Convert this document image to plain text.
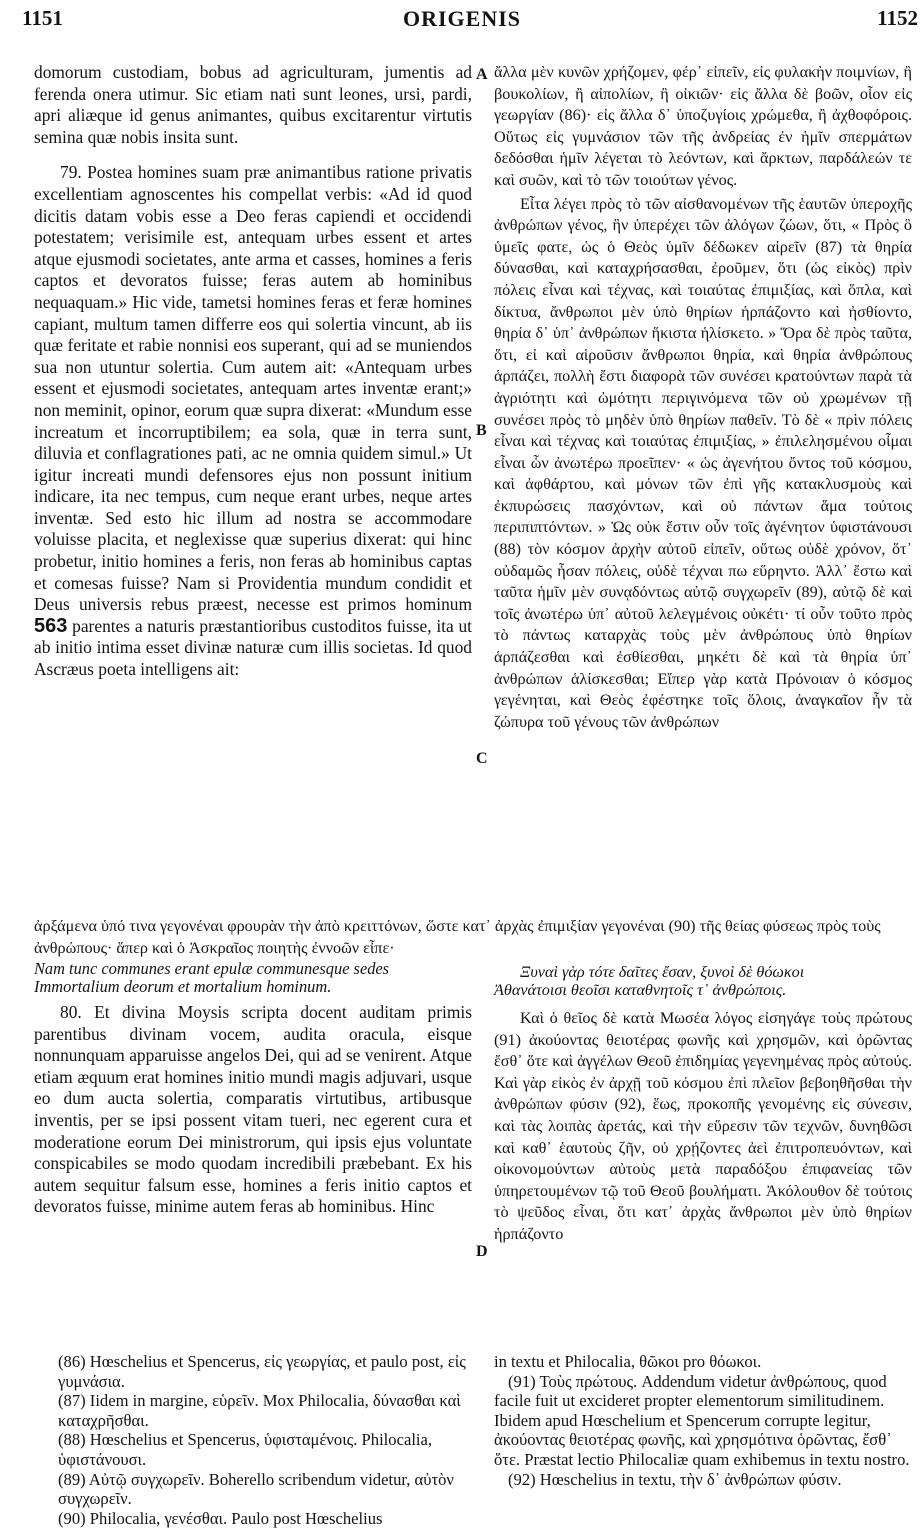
1151	ORIGENIS	1152
A
B
C
D

domorum custodiam, bobus ad agriculturam, jumentis ad ferenda onera utimur. Sic etiam nati sunt leones, ursi, pardi, apri aliæque id genus animantes, quibus excitarentur virtutis semina quæ nobis insita sunt.

79. Postea homines suam præ animantibus ratione privatis excellentiam agnoscentes his compellat verbis: «Ad id quod dicitis datam vobis esse a Deo feras capiendi et occidendi potestatem; verisimile est, antequam urbes essent et artes atque ejusmodi societates, ante arma et casses, homines a feris captos et devoratos fuisse; feras autem ab hominibus nequaquam.» Hic vide, tametsi homines feras et feræ homines capiant, multum tamen differre eos qui solertia vincunt, ab iis quæ feritate et rabie nonnisi eos superant, qui ad se muniendos sua non utuntur solertia. Cum autem ait: «Antequam urbes essent et ejusmodi societates, antequam artes inventæ erant;» non meminit, opinor, eorum quæ supra dixerat: «Mundum esse increatum et incorruptibilem; ea sola, quæ in terra sunt, diluvia et conflagrationes pati, ac ne omnia quidem simul.» Ut igitur increati mundi defensores ejus non possunt initium indicare, ita nec tempus, cum neque erant urbes, neque artes inventæ. Sed esto hic illum ad nostra se accommodare voluisse placita, et neglexisse quæ superius dixerat: qui hinc probetur, initio homines a feris, non feras ab hominibus captas et comesas fuisse? Nam si Providentia mundum condidit et Deus universis rebus præest, necesse est primos hominum 563 parentes a naturis præstantioribus custoditos fuisse, ita ut ab initio intima esset divinæ naturæ cum illis societas. Id quod Ascræus poeta intelligens ait:

ἄλλα μὲν κυνῶν χρήζομεν, φέρ᾽ εἰπεῖν, εἰς φυλακὴν ποιμνίων, ἢ βουκολίων, ἢ αἰπολίων, ἢ οἰκιῶν· εἰς ἄλλα δὲ βοῶν, οἷον εἰς γεωργίαν (86)· εἰς ἄλλα δ᾽ ὑποζυγίοις χρώμεθα, ἢ ἀχθοφόροις. Οὕτως εἰς γυμνάσιον τῶν τῆς ἀνδρείας ἐν ἡμῖν σπερμάτων δεδόσθαι ἡμῖν λέγεται τὸ λεόντων, καὶ ἄρκτων, παρδάλεών τε καὶ συῶν, καὶ τὸ τῶν τοιούτων γένος.

Εἶτα λέγει πρὸς τὸ τῶν αἰσθανομένων τῆς ἑαυτῶν ὑπεροχῆς ἀνθρώπων γένος, ἣν ὑπερέχει τῶν ἀλόγων ζώων, ὅτι, « Πρὸς ὃ ὑμεῖς φατε, ὡς ὁ Θεὸς ὑμῖν δέδωκεν αἱρεῖν (87) τὰ θηρία δύνασθαι, καὶ καταχρήσασθαι, ἐροῦμεν, ὅτι (ὡς εἰκὸς) πρὶν πόλεις εἶναι καὶ τέχνας, καὶ τοιαύτας ἐπιμιξίας, καὶ ὅπλα, καὶ δίκτυα, ἄνθρωποι μὲν ὑπὸ θηρίων ἡρπάζοντο καὶ ἠσθίοντο, θηρία δ᾽ ὑπ᾽ ἀνθρώπων ἥκιστα ἡλίσκετο. » Ὅρα δὲ πρὸς ταῦτα, ὅτι, εἰ καὶ αἱροῦσιν ἄνθρωποι θηρία, καὶ θηρία ἀνθρώπους ἁρπάζει, πολλὴ ἔστι διαφορὰ τῶν συνέσει κρατούντων παρὰ τὰ ἀγριότητι καὶ ὠμότητι περιγινόμενα τῶν οὐ χρωμένων τῇ συνέσει πρὸς τὸ μηδὲν ὑπὸ θηρίων παθεῖν. Τὸ δὲ « πρὶν πόλεις εἶναι καὶ τέχνας καὶ τοιαύτας ἐπιμιξίας, » ἐπιλελησμένου οἶμαι εἶναι ὧν ἀνωτέρω προεῖπεν· « ὡς ἀγενήτου ὄντος τοῦ κόσμου, καὶ ἀφθάρτου, καὶ μόνων τῶν ἐπὶ γῆς κατακλυσμοὺς καὶ ἐκπυρώσεις πασχόντων, καὶ οὐ πάντων ἅμα τούτοις περιπιπτόντων. » Ὡς οὐκ ἔστιν οὖν τοῖς ἀγένητον ὑφιστάνουσι (88) τὸν κόσμον ἀρχὴν αὐτοῦ εἰπεῖν, οὕτως οὐδὲ χρόνον, ὅτ᾽ οὐδαμῶς ἦσαν πόλεις, οὐδὲ τέχναι πω εὕρηντο. Ἀλλ᾽ ἔστω καὶ ταῦτα ἡμῖν μὲν συνᾳδόντως αὐτῷ συγχωρεῖν (89), αὐτῷ δὲ καὶ τοῖς ἀνωτέρω ὑπ᾽ αὐτοῦ λελεγμένοις οὐκέτι· τί οὖν τοῦτο πρὸς τὸ πάντως καταρχὰς τοὺς μὲν ἀνθρώπους ὑπὸ θηρίων ἁρπάζεσθαι καὶ ἐσθίεσθαι, μηκέτι δὲ καὶ τὰ θηρία ὑπ᾽ ἀνθρώπων ἁλίσκεσθαι; Εἴπερ γὰρ κατὰ Πρόνοιαν ὁ κόσμος γεγένηται, καὶ Θεὸς ἐφέστηκε τοῖς ὅλοις, ἀναγκαῖον ἦν τὰ ζώπυρα τοῦ γένους τῶν ἀνθρώπων

ἀρξάμενα ὑπό τινα γεγονέναι φρουρὰν τὴν ἀπὸ κρειττόνων, ὥστε κατ᾽ ἀρχὰς ἐπιμιξίαν γεγονέναι (90) τῆς θείας φύσεως πρὸς τοὺς ἀνθρώπους· ἅπερ καὶ ὁ Ἀσκραῖος ποιητὴς ἐννοῶν εἶπε·

Nam tunc communes erant epulæ communesque sedes

Immortalium deorum et mortalium hominum.

Ξυναὶ γὰρ τότε δαῖτες ἔσαν, ξυνοὶ δὲ θόωκοι

Ἀθανάτοισι θεοῖσι καταθνητοῖς τ᾽ ἀνθρώποις.

80. Et divina Moysis scripta docent auditam primis parentibus divinam vocem, audita oracula, eisque nonnunquam apparuisse angelos Dei, qui ad se venirent. Atque etiam æquum erat homines initio mundi magis adjuvari, usque eo dum aucta solertia, comparatis virtutibus, artibusque inventis, per se ipsi possent vitam tueri, nec egerent cura et moderatione eorum Dei ministrorum, qui ipsis ejus voluntate conspicabiles se modo quodam incredibili præbebant. Ex his autem sequitur falsum esse, homines a feris initio captos et devoratos fuisse, minime autem feras ab hominibus. Hinc

Καὶ ὁ θεῖος δὲ κατὰ Μωσέα λόγος εἰσηγάγε τοὺς πρώτους (91) ἀκούοντας θειοτέρας φωνῆς καὶ χρησμῶν, καὶ ὁρῶντας ἔσθ᾽ ὅτε καὶ ἀγγέλων Θεοῦ ἐπιδημίας γεγενημένας πρὸς αὐτούς. Καὶ γὰρ εἰκὸς ἐν ἀρχῇ τοῦ κόσμου ἐπὶ πλεῖον βεβοηθῆσθαι τὴν ἀνθρώπων φύσιν (92), ἕως, προκοπῆς γενομένης εἰς σύνεσιν, καὶ τὰς λοιπὰς ἀρετάς, καὶ τὴν εὕρεσιν τῶν τεχνῶν, δυνηθῶσι καὶ καθ᾽ ἑαυτοὺς ζῆν, οὐ χρῄζοντες ἀεὶ ἐπιτροπευόντων, καὶ οἰκονομούντων αὐτοὺς μετὰ παραδόξου ἐπιφανείας τῶν ὑπηρετουμένων τῷ τοῦ Θεοῦ βουλήματι. Ἀκόλουθον δὲ τούτοις τὸ ψεῦδος εἶναι, ὅτι κατ᾽ ἀρχὰς ἄνθρωποι μὲν ὑπὸ θηρίων ἡρπάζοντο

(86) Hœschelius et Spencerus, εἰς γεωργίας, et paulo post, εἰς γυμνάσια.

(87) Iidem in margine, εὑρεῖν. Mox Philocalia, δύνασθαι καὶ καταχρῆσθαι.

(88) Hœschelius et Spencerus, ὑφισταμένοις. Philocalia, ὑφιστάνουσι.

(89) Αὐτῷ συγχωρεῖν. Boherello scribendum videtur, αὐτὸν συγχωρεῖν.

(90) Philocalia, γενέσθαι. Paulo post Hœschelius

in textu et Philocalia, θῶκοι pro θόωκοι.

(91) Τοὺς πρώτους. Addendum videtur ἀνθρώπους, quod facile fuit ut excideret propter elementorum similitudinem. Ibidem apud Hœschelium et Spencerum corrupte legitur, ἀκούοντας θειοτέρας φωνῆς, καὶ χρησμότινα ὁρῶντας, ἔσθ᾽ ὅτε. Præstat lectio Philocaliæ quam exhibemus in textu nostro.

(92) Hœschelius in textu, τὴν δ᾽ ἀνθρώπων φύσιν.
